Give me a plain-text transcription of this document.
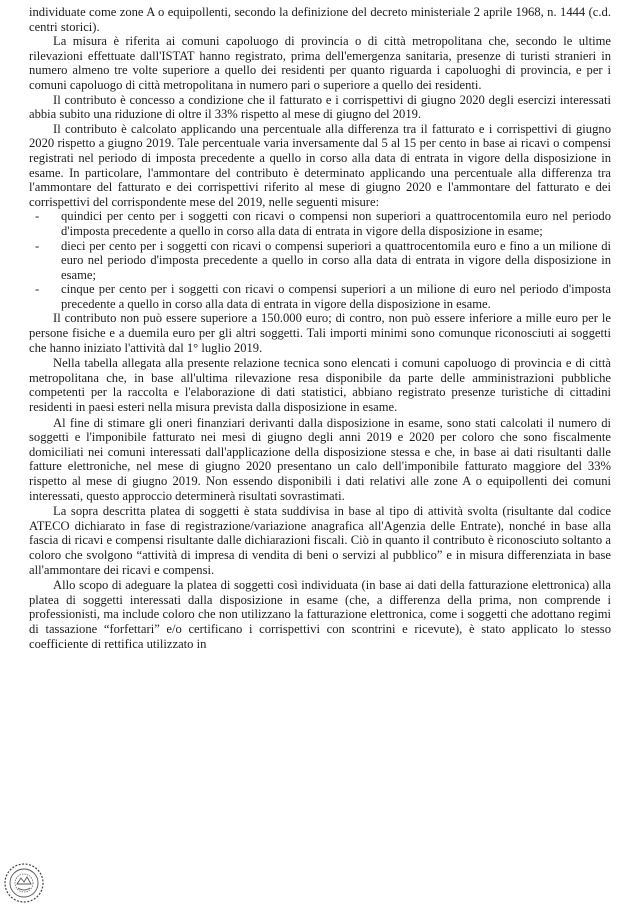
individuate come zone A o equipollenti, secondo la definizione del decreto ministeriale 2 aprile 1968, n. 1444 (c.d. centri storici).

La misura è riferita ai comuni capoluogo di provincia o di città metropolitana che, secondo le ultime rilevazioni effettuate dall'ISTAT hanno registrato, prima dell'emergenza sanitaria, presenze di turisti stranieri in numero almeno tre volte superiore a quello dei residenti per quanto riguarda i capoluoghi di provincia, e per i comuni capoluogo di città metropolitana in numero pari o superiore a quello dei residenti.

Il contributo è concesso a condizione che il fatturato e i corrispettivi di giugno 2020 degli esercizi interessati abbia subito una riduzione di oltre il 33% rispetto al mese di giugno del 2019.

Il contributo è calcolato applicando una percentuale alla differenza tra il fatturato e i corrispettivi di giugno 2020 rispetto a giugno 2019. Tale percentuale varia inversamente dal 5 al 15 per cento in base ai ricavi o compensi registrati nel periodo di imposta precedente a quello in corso alla data di entrata in vigore della disposizione in esame. In particolare, l'ammontare del contributo è determinato applicando una percentuale alla differenza tra l'ammontare del fatturato e dei corrispettivi riferito al mese di giugno 2020 e l'ammontare del fatturato e dei corrispettivi del corrispondente mese del 2019, nelle seguenti misure:

- quindici per cento per i soggetti con ricavi o compensi non superiori a quattrocentomila euro nel periodo d'imposta precedente a quello in corso alla data di entrata in vigore della disposizione in esame;
- dieci per cento per i soggetti con ricavi o compensi superiori a quattrocentomila euro e fino a un milione di euro nel periodo d'imposta precedente a quello in corso alla data di entrata in vigore della disposizione in esame;
- cinque per cento per i soggetti con ricavi o compensi superiori a un milione di euro nel periodo d'imposta precedente a quello in corso alla data di entrata in vigore della disposizione in esame.

Il contributo non può essere superiore a 150.000 euro; di contro, non può essere inferiore a mille euro per le persone fisiche e a duemila euro per gli altri soggetti. Tali importi minimi sono comunque riconosciuti ai soggetti che hanno iniziato l'attività dal 1° luglio 2019.

Nella tabella allegata alla presente relazione tecnica sono elencati i comuni capoluogo di provincia e di città metropolitana che, in base all'ultima rilevazione resa disponibile da parte delle amministrazioni pubbliche competenti per la raccolta e l'elaborazione di dati statistici, abbiano registrato presenze turistiche di cittadini residenti in paesi esteri nella misura prevista dalla disposizione in esame.

Al fine di stimare gli oneri finanziari derivanti dalla disposizione in esame, sono stati calcolati il numero di soggetti e l'imponibile fatturato nei mesi di giugno degli anni 2019 e 2020 per coloro che sono fiscalmente domiciliati nei comuni interessati dall'applicazione della disposizione stessa e che, in base ai dati risultanti dalle fatture elettroniche, nel mese di giugno 2020 presentano un calo dell'imponibile fatturato maggiore del 33% rispetto al mese di giugno 2019. Non essendo disponibili i dati relativi alle zone A o equipollenti dei comuni interessati, questo approccio determinerà risultati sovrastimati.

La sopra descritta platea di soggetti è stata suddivisa in base al tipo di attività svolta (risultante dal codice ATECO dichiarato in fase di registrazione/variazione anagrafica all'Agenzia delle Entrate), nonché in base alla fascia di ricavi e compensi risultante dalle dichiarazioni fiscali. Ciò in quanto il contributo è riconosciuto soltanto a coloro che svolgono “attività di impresa di vendita di beni o servizi al pubblico” e in misura differenziata in base all'ammontare dei ricavi e compensi.

Allo scopo di adeguare la platea di soggetti così individuata (in base ai dati della fatturazione elettronica) alla platea di soggetti interessati dalla disposizione in esame (che, a differenza della prima, non comprende i professionisti, ma include coloro che non utilizzano la fatturazione elettronica, come i soggetti che adottano regimi di tassazione “forfettari” e/o certificano i corrispettivi con scontrini e ricevute), è stato applicato lo stesso coefficiente di rettifica utilizzato in
